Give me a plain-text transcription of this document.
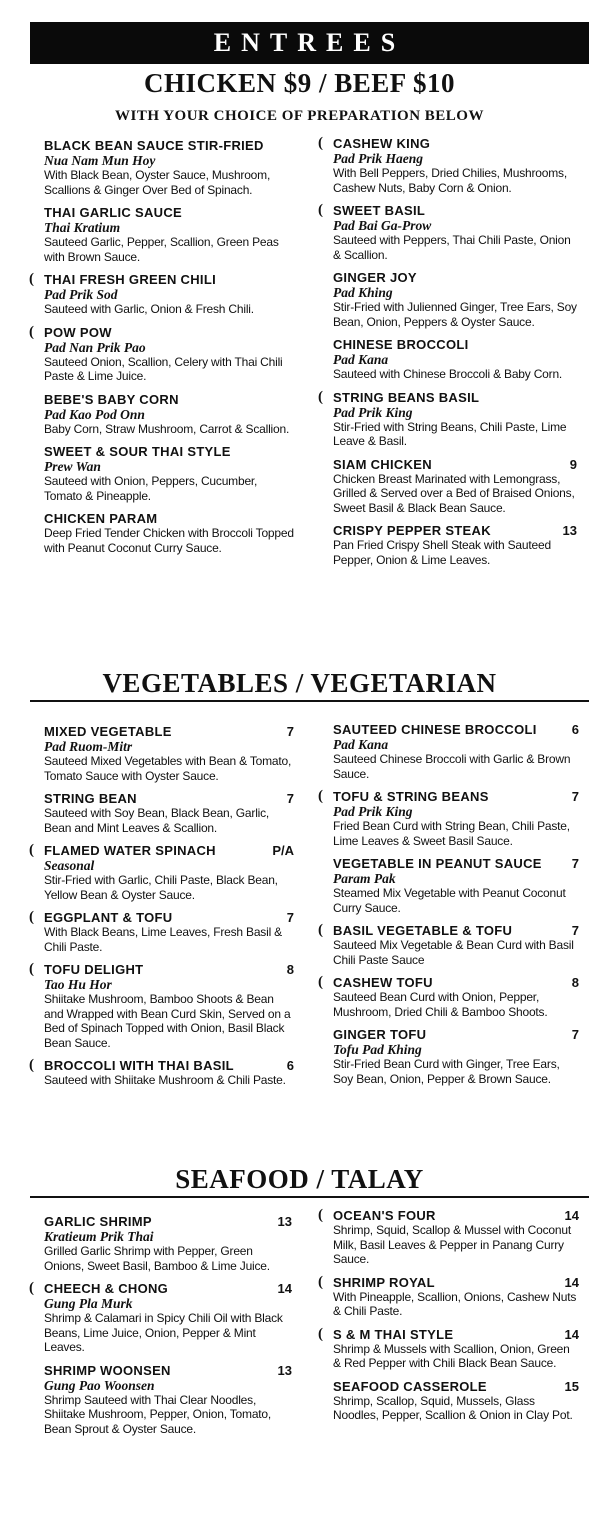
ENTREES
CHICKEN $9 / BEEF $10
WITH YOUR CHOICE OF PREPARATION BELOW
BLACK BEAN SAUCE STIR-FRIED
Nua Nam Mun Hoy
With Black Bean, Oyster Sauce, Mushroom, Scallions & Ginger Over Bed of Spinach.
THAI GARLIC SAUCE
Thai Kratium
Sauteed Garlic, Pepper, Scallion, Green Peas with Brown Sauce.
( THAI FRESH GREEN CHILI
Pad Prik Sod
Sauteed with Garlic, Onion & Fresh Chili.
( POW POW
Pad Nan Prik Pao
Sauteed Onion, Scallion, Celery with Thai Chili Paste & Lime Juice.
BEBE'S BABY CORN
Pad Kao Pod Onn
Baby Corn, Straw Mushroom, Carrot & Scallion.
SWEET & SOUR THAI STYLE
Prew Wan
Sauteed with Onion, Peppers, Cucumber, Tomato & Pineapple.
CHICKEN PARAM
Deep Fried Tender Chicken with Broccoli Topped with Peanut Coconut Curry Sauce.
( CASHEW KING
Pad Prik Haeng
With Bell Peppers, Dried Chilies, Mushrooms, Cashew Nuts, Baby Corn & Onion.
( SWEET BASIL
Pad Bai Ga-Prow
Sauteed with Peppers, Thai Chili Paste, Onion & Scallion.
GINGER JOY
Pad Khing
Stir-Fried with Julienned Ginger, Tree Ears, Soy Bean, Onion, Peppers & Oyster Sauce.
CHINESE BROCCOLI
Pad Kana
Sauteed with Chinese Broccoli & Baby Corn.
( STRING BEANS BASIL
Pad Prik King
Stir-Fried with String Beans, Chili Paste, Lime Leave & Basil.
SIAM CHICKEN	9
Chicken Breast Marinated with Lemongrass, Grilled & Served over a Bed of Braised Onions, Sweet Basil & Black Bean Sauce.
CRISPY PEPPER STEAK	13
Pan Fried Crispy Shell Steak with Sauteed Pepper, Onion & Lime Leaves.
VEGETABLES / VEGETARIAN
MIXED VEGETABLE	7
Pad Ruom-Mitr
Sauteed Mixed Vegetables with Bean & Tomato, Tomato Sauce with Oyster Sauce.
STRING BEAN	7
Sauteed with Soy Bean, Black Bean, Garlic, Bean and Mint Leaves & Scallion.
( FLAMED WATER SPINACH	P/A
Seasonal
Stir-Fried with Garlic, Chili Paste, Black Bean, Yellow Bean & Oyster Sauce.
( EGGPLANT & TOFU	7
With Black Beans, Lime Leaves, Fresh Basil & Chili Paste.
( TOFU DELIGHT	8
Tao Hu Hor
Shiitake Mushroom, Bamboo Shoots & Bean and Wrapped with Bean Curd Skin, Served on a Bed of Spinach Topped with Onion, Basil Black Bean Sauce.
( BROCCOLI WITH THAI BASIL	6
Sauteed with Shiitake Mushroom & Chili Paste.
SAUTEED CHINESE BROCCOLI	6
Pad Kana
Sauteed Chinese Broccoli with Garlic & Brown Sauce.
( TOFU & STRING BEANS	7
Pad Prik King
Fried Bean Curd with String Bean, Chili Paste, Lime Leaves & Sweet Basil Sauce.
VEGETABLE IN PEANUT SAUCE 7
Param Pak
Steamed Mix Vegetable with Peanut Coconut Curry Sauce.
( BASIL VEGETABLE & TOFU	7
Sauteed Mix Vegetable & Bean Curd with Basil Chili Paste Sauce
( CASHEW TOFU	8
Sauteed Bean Curd with Onion, Pepper, Mushroom, Dried Chili & Bamboo Shoots.
GINGER TOFU	7
Tofu Pad Khing
Stir-Fried Bean Curd with Ginger, Tree Ears, Soy Bean, Onion, Pepper & Brown Sauce.
SEAFOOD / TALAY
GARLIC SHRIMP	13
Kratieum Prik Thai
Grilled Garlic Shrimp with Pepper, Green Onions, Sweet Basil, Bamboo & Lime Juice.
( CHEECH & CHONG	14
Gung Pla Murk
Shrimp & Calamari in Spicy Chili Oil with Black Beans, Lime Juice, Onion, Pepper & Mint Leaves.
SHRIMP WOONSEN	13
Gung Pao Woonsen
Shrimp Sauteed with Thai Clear Noodles, Shiitake Mushroom, Pepper, Onion, Tomato, Bean Sprout & Oyster Sauce.
( OCEAN'S FOUR	14
Shrimp, Squid, Scallop & Mussel with Coconut Milk, Basil Leaves & Pepper in Panang Curry Sauce.
( SHRIMP ROYAL	14
With Pineapple, Scallion, Onions, Cashew Nuts & Chili Paste.
( S & M THAI STYLE	14
Shrimp & Mussels with Scallion, Onion, Green & Red Pepper with Chili Black Bean Sauce.
SEAFOOD CASSEROLE	15
Shrimp, Scallop, Squid, Mussels, Glass Noodles, Pepper, Scallion & Onion in Clay Pot.
